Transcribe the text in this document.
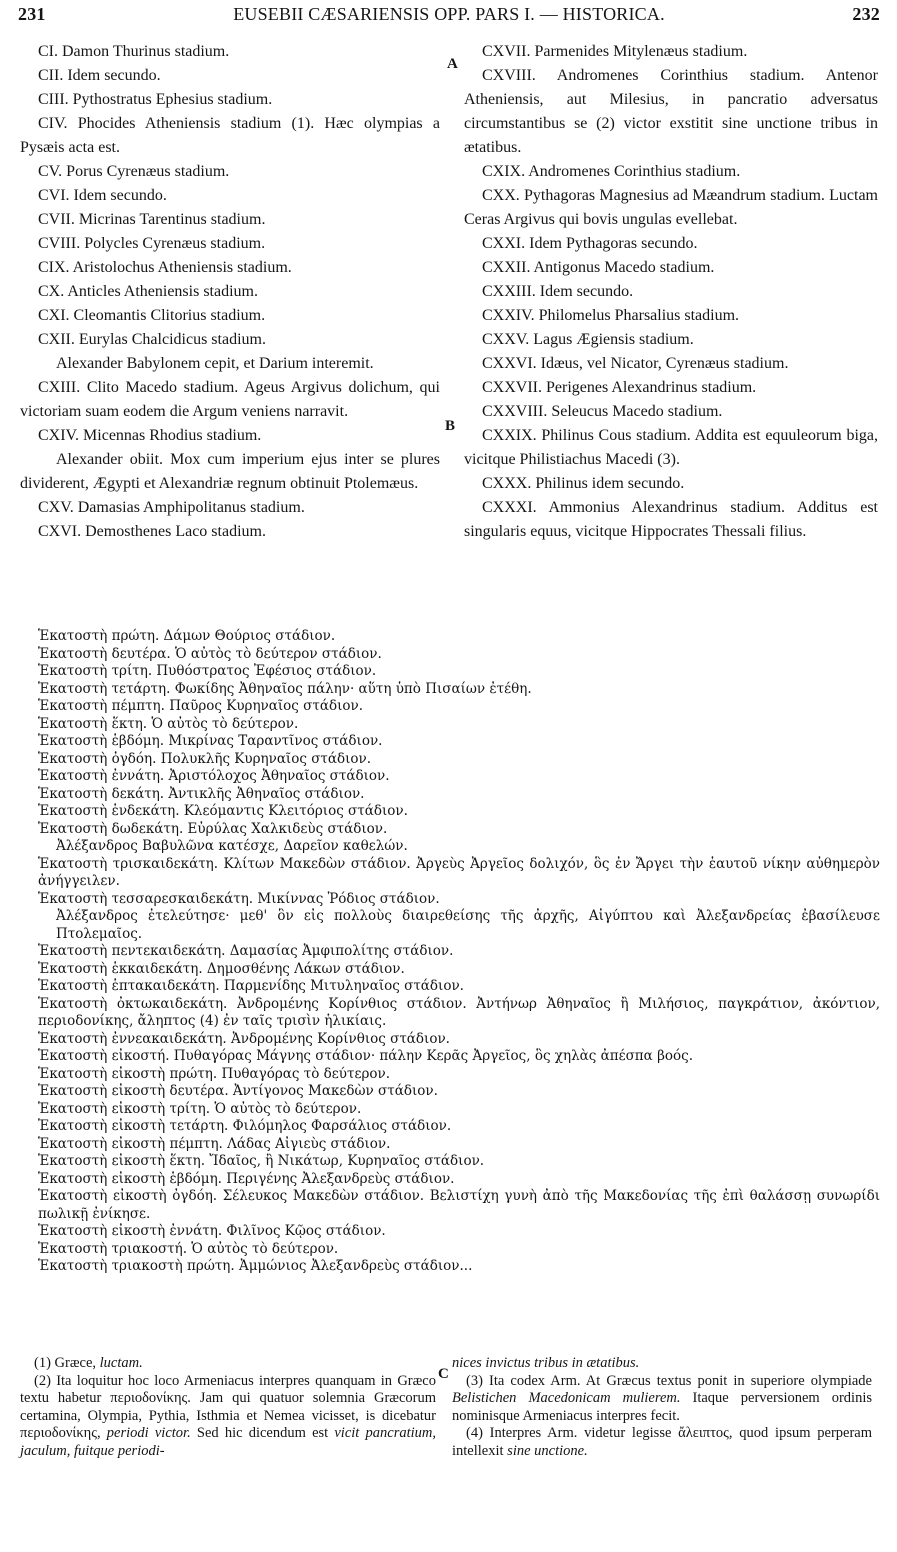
231	EUSEBII CÆSARIENSIS OPP. PARS I. — HISTORICA.	232
A
B
C
CI. Damon Thurinus stadium.
CII. Idem secundo.
CIII. Pythostratus Ephesius stadium.
CIV. Phocides Atheniensis stadium (1). Hæc olympias a Pysæis acta est.
CV. Porus Cyrenæus stadium.
CVI. Idem secundo.
CVII. Micrinas Tarentinus stadium.
CVIII. Polycles Cyrenæus stadium.
CIX. Aristolochus Atheniensis stadium.
CX. Anticles Atheniensis stadium.
CXI. Cleomantis Clitorius stadium.
CXII. Eurylas Chalcidicus stadium.
Alexander Babylonem cepit, et Darium interemit.
CXIII. Clito Macedo stadium. Ageus Argivus dolichum, qui victoriam suam eodem die Argum veniens narravit.
CXIV. Micennas Rhodius stadium.
Alexander obiit. Mox cum imperium ejus inter se plures dividerent, Ægypti et Alexandriæ regnum obtinuit Ptolemæus.
CXV. Damasias Amphipolitanus stadium.
CXVI. Demosthenes Laco stadium.
CXVII. Parmenides Mitylenæus stadium.
CXVIII. Andromenes Corinthius stadium. Antenor Atheniensis, aut Milesius, in pancratio adversatus circumstantibus se (2) victor exstitit sine unctione tribus in ætatibus.
CXIX. Andromenes Corinthius stadium.
CXX. Pythagoras Magnesius ad Mæandrum stadium. Luctam Ceras Argivus qui bovis ungulas evellebat.
CXXI. Idem Pythagoras secundo.
CXXII. Antigonus Macedo stadium.
CXXIII. Idem secundo.
CXXIV. Philomelus Pharsalius stadium.
CXXV. Lagus Ægiensis stadium.
CXXVI. Idæus, vel Nicator, Cyrenæus stadium.
CXXVII. Perigenes Alexandrinus stadium.
CXXVIII. Seleucus Macedo stadium.
CXXIX. Philinus Cous stadium. Addita est equuleorum biga, vicitque Philistiachus Macedi (3).
CXXX. Philinus idem secundo.
CXXXI. Ammonius Alexandrinus stadium. Additus est singularis equus, vicitque Hippocrates Thessali filius.
Ἑκατοστὴ πρώτη. Δάμων Θούριος στάδιον.
Ἑκατοστὴ δευτέρα. Ὁ αὐτὸς τὸ δεύτερον στάδιον.
Ἑκατοστὴ τρίτη. Πυθόστρατος Ἐφέσιος στάδιον.
Ἑκατοστὴ τετάρτη. Φωκίδης Ἀθηναῖος πάλην· αὕτη ὑπὸ Πισαίων ἐτέθη.
Ἑκατοστὴ πέμπτη. Παῦρος Κυρηναῖος στάδιον.
Ἑκατοστὴ ἕκτη. Ὁ αὐτὸς τὸ δεύτερον.
Ἑκατοστὴ ἑβδόμη. Μικρίνας Ταραντῖνος στάδιον.
Ἑκατοστὴ ὀγδόη. Πολυκλῆς Κυρηναῖος στάδιον.
Ἑκατοστὴ ἐννάτη. Ἀριστόλοχος Ἀθηναῖος στάδιον.
Ἑκατοστὴ δεκάτη. Ἀντικλῆς Ἀθηναῖος στάδιον.
Ἑκατοστὴ ἑνδεκάτη. Κλεόμαντις Κλειτόριος στάδιον.
Ἑκατοστὴ δωδεκάτη. Εὐρύλας Χαλκιδεὺς στάδιον.
Ἀλέξανδρος Βαβυλῶνα κατέσχε, Δαρεῖον καθελών.
Ἑκατοστὴ τρισκαιδεκάτη. Κλίτων Μακεδὼν στάδιον. Ἀργεὺς Ἀργεῖος δολιχόν, ὃς ἐν Ἄργει τὴν ἑαυτοῦ νίκην αὐθημερὸν ἀνήγγειλεν.
Ἑκατοστὴ τεσσαρεσκαιδεκάτη. Μικίννας Ῥόδιος στάδιον.
Ἀλέξανδρος ἐτελεύτησε· μεθ' ὃν εἰς πολλοὺς διαιρεθείσης τῆς ἀρχῆς, Αἰγύπτου καὶ Ἀλεξανδρείας ἐβασίλευσε Πτολεμαῖος.
Ἑκατοστὴ πεντεκαιδεκάτη. Δαμασίας Ἀμφιπολίτης στάδιον.
Ἑκατοστὴ ἑκκαιδεκάτη. Δημοσθένης Λάκων στάδιον.
Ἑκατοστὴ ἑπτακαιδεκάτη. Παρμενίδης Μιτυληναῖος στάδιον.
Ἑκατοστὴ ὀκτωκαιδεκάτη. Ἀνδρομένης Κορίνθιος στάδιον. Ἀντήνωρ Ἀθηναῖος ἢ Μιλήσιος, παγκράτιον, ἀκόντιον, περιοδονίκης, ἄληπτος (4) ἐν ταῖς τρισὶν ἡλικίαις.
Ἑκατοστὴ ἐννεακαιδεκάτη. Ἀνδρομένης Κορίνθιος στάδιον.
Ἑκατοστὴ εἰκοστή. Πυθαγόρας Μάγνης στάδιον· πάλην Κερᾶς Ἀργεῖος, ὃς χηλὰς ἀπέσπα βοός.
Ἑκατοστὴ εἰκοστὴ πρώτη. Πυθαγόρας τὸ δεύτερον.
Ἑκατοστὴ εἰκοστὴ δευτέρα. Ἀντίγονος Μακεδὼν στάδιον.
Ἑκατοστὴ εἰκοστὴ τρίτη. Ὁ αὐτὸς τὸ δεύτερον.
Ἑκατοστὴ εἰκοστὴ τετάρτη. Φιλόμηλος Φαρσάλιος στάδιον.
Ἑκατοστὴ εἰκοστὴ πέμπτη. Λάδας Αἰγιεὺς στάδιον.
Ἑκατοστὴ εἰκοστὴ ἕκτη. Ἴδαῖος, ἢ Νικάτωρ, Κυρηναῖος στάδιον.
Ἑκατοστὴ εἰκοστὴ ἑβδόμη. Περιγένης Ἀλεξανδρεὺς στάδιον.
Ἑκατοστὴ εἰκοστὴ ὀγδόη. Σέλευκος Μακεδὼν στάδιον. Βελιστίχη γυνὴ ἀπὸ τῆς Μακεδονίας τῆς ἐπὶ θαλάσσῃ συνωρίδι πωλικῇ ἐνίκησε.
Ἑκατοστὴ εἰκοστὴ ἐννάτη. Φιλῖνος Κῷος στάδιον.
Ἑκατοστὴ τριακοστή. Ὁ αὐτὸς τὸ δεύτερον.
Ἑκατοστὴ τριακοστὴ πρώτη. Ἀμμώνιος Ἀλεξανδρεὺς στάδιον...
(1) Græce, luctam.
(2) Ita loquitur hoc loco Armeniacus interpres quanquam in Græco textu habetur περιοδονίκης. Jam qui quatuor solemnia Græcorum certamina, Olympia, Pythia, Isthmia et Nemea vicisset, is dicebatur περιοδονίκης, periodi victor. Sed hic dicendum est vicit pancratium, jaculum, fuitque periodi-
nices invictus tribus in ætatibus.
(3) Ita codex Arm. At Græcus textus ponit in superiore olympiade Belistichen Macedonicam mulierem. Itaque perversionem ordinis nominisque Armeniacus interpres fecit.
(4) Interpres Arm. videtur legisse ἄλειπτος, quod ipsum perperam intellexit sine unctione.
